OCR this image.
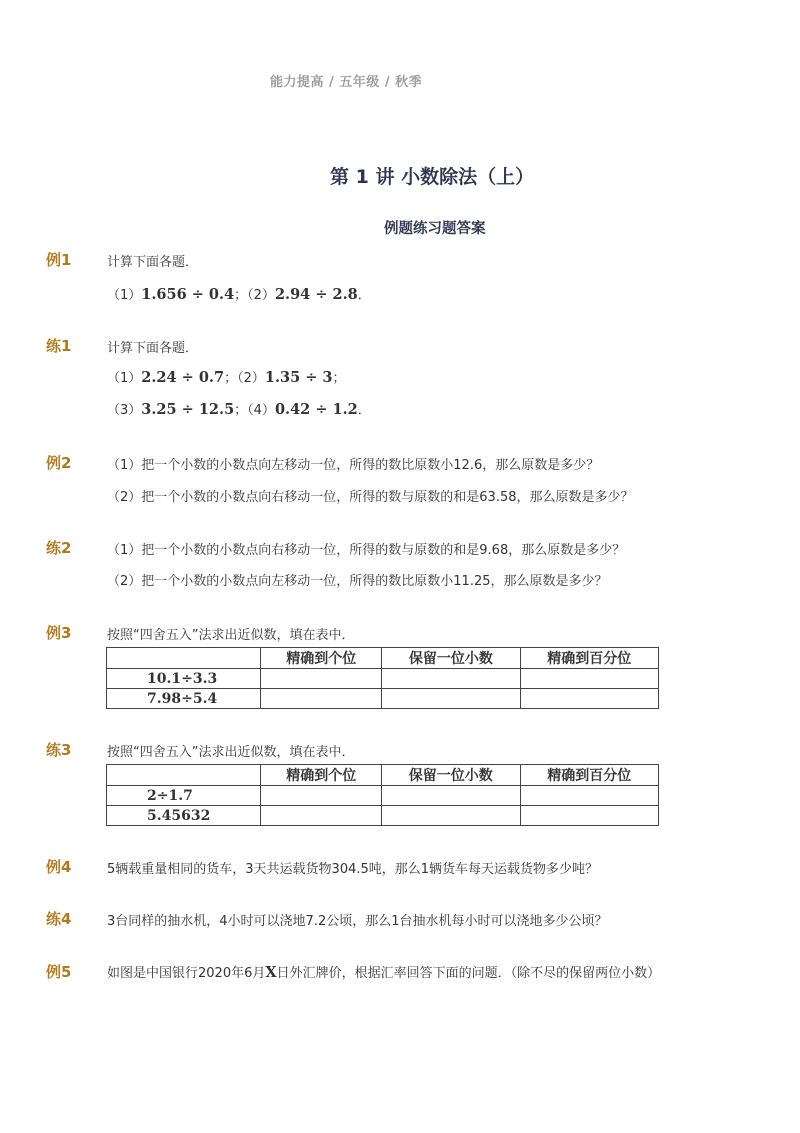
能力提高 / 五年级 / 秋季
第 1 讲 小数除法（上）
例题练习题答案
例1	计算下面各题．
（1）1.656 ÷ 0.4；（2）2.94 ÷ 2.8．
练1	计算下面各题．
（1）2.24 ÷ 0.7；（2）1.35 ÷ 3；
（3）3.25 ÷ 12.5；（4）0.42 ÷ 1.2．
例2	（1）把一个小数的小数点向左移动一位，所得的数比原数小12.6，那么原数是多少？
（2）把一个小数的小数点向右移动一位，所得的数与原数的和是63.58，那么原数是多少？
练2	（1）把一个小数的小数点向右移动一位，所得的数与原数的和是9.68，那么原数是多少？
（2）把一个小数的小数点向左移动一位，所得的数比原数小11.25，那么原数是多少？
例3	按照“四舍五入”法求出近似数，填在表中．
	精确到个位	保留一位小数	精确到百分位
10.1÷3.3			
7.98÷5.4			
练3	按照“四舍五入”法求出近似数，填在表中．
	精确到个位	保留一位小数	精确到百分位
2÷1.7			
5.45632			
例4	5辆载重量相同的货车，3天共运载货物304.5吨，那么1辆货车每天运载货物多少吨？
练4	3台同样的抽水机，4小时可以浇地7.2公顷，那么1台抽水机每小时可以浇地多少公顷？
例5	如图是中国银行2020年6月X日外汇牌价，根据汇率回答下面的问题．（除不尽的保留两位小数）
